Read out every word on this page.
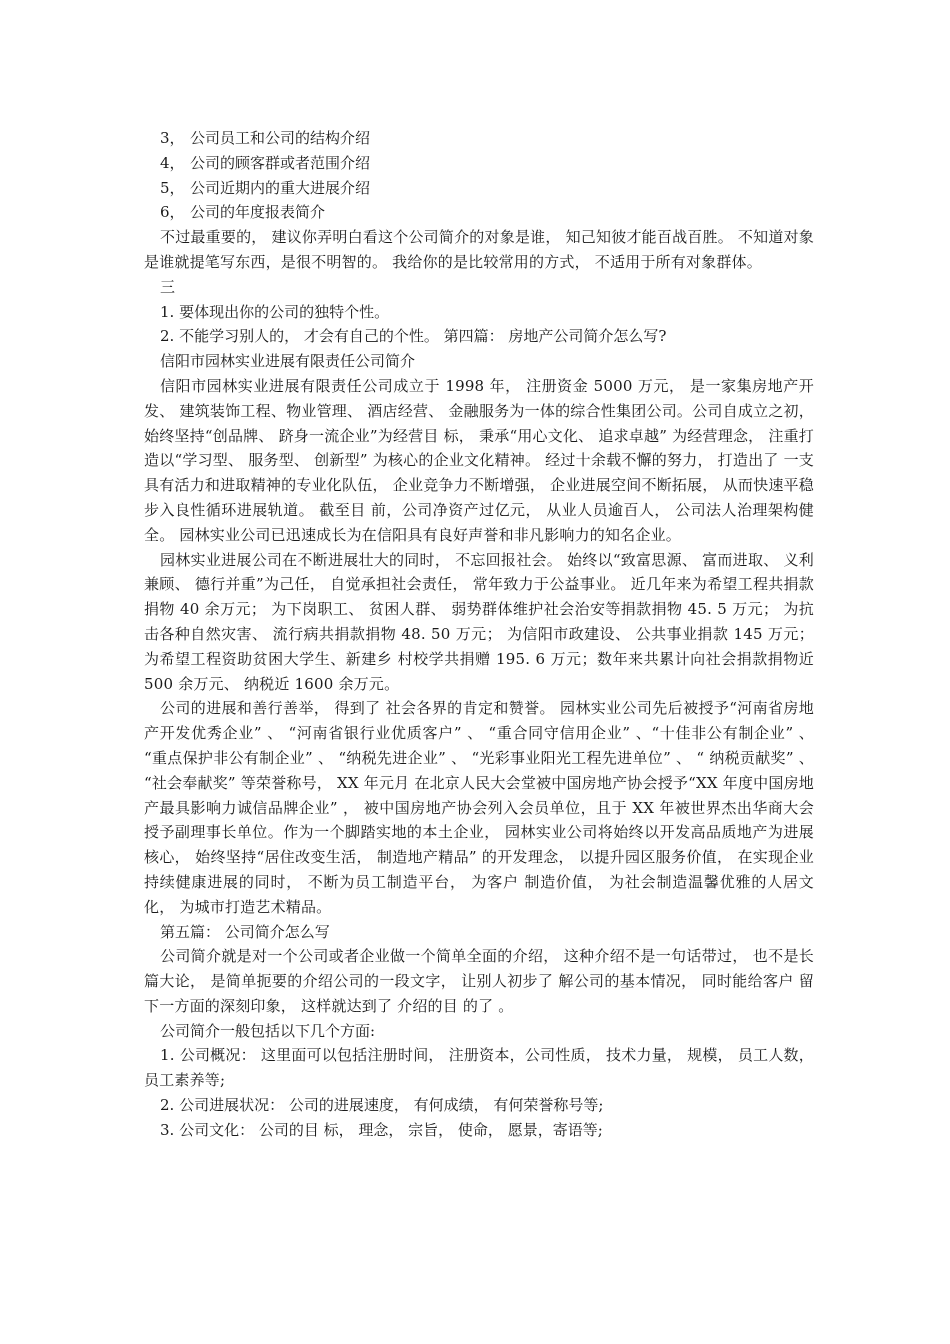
3， 公司员工和公司的结构介绍
4， 公司的顾客群或者范围介绍
5， 公司近期内的重大进展介绍
6， 公司的年度报表简介

不过最重要的， 建议你弄明白看这个公司简介的对象是谁， 知己知彼才能百战百胜。 不知道对象是谁就提笔写东西，是很不明智的。 我给你的是比较常用的方式， 不适用于所有对象群体。

三
1. 要体现出你的公司的独特个性。
2. 不能学习别人的， 才会有自己的个性。 第四篇： 房地产公司简介怎么写?
信阳市园林实业进展有限责任公司简介

信阳市园林实业进展有限责任公司成立于 1998 年， 注册资金 5000 万元， 是一家集房地产开发、 建筑装饰工程、物业管理、 酒店经营、 金融服务为一体的综合性集团公司。公司自成立之初， 始终坚持“创品牌、 跻身一流企业”为经营目 标， 秉承“用心文化、 追求卓越” 为经营理念， 注重打造以“学习型、 服务型、 创新型” 为核心的企业文化精神。 经过十余载不懈的努力， 打造出了 一支具有活力和进取精神的专业化队伍， 企业竞争力不断增强， 企业进展空间不断拓展， 从而快速平稳步入良性循环进展轨道。 截至目 前，公司净资产过亿元， 从业人员逾百人， 公司法人治理架构健全。 园林实业公司已迅速成长为在信阳具有良好声誉和非凡影响力的知名企业。

园林实业进展公司在不断进展壮大的同时， 不忘回报社会。 始终以“致富思源、 富而进取、 义利兼顾、 德行并重”为己任， 自觉承担社会责任， 常年致力于公益事业。 近几年来为希望工程共捐款捐物 40 余万元； 为下岗职工、 贫困人群、 弱势群体维护社会治安等捐款捐物 45. 5 万元； 为抗击各种自然灾害、 流行病共捐款捐物 48. 50 万元； 为信阳市政建设、 公共事业捐款 145 万元； 为希望工程资助贫困大学生、新建乡 村校学共捐赠 195. 6 万元；数年来共累计向社会捐款捐物近 500 余万元、 纳税近 1600 余万元。

公司的进展和善行善举， 得到了 社会各界的肯定和赞誉。 园林实业公司先后被授予“河南省房地产开发优秀企业” 、 “河南省银行业优质客户” 、 “重合同守信用企业” 、“十佳非公有制企业” 、 “重点保护非公有制企业” 、 “纳税先进企业” 、 “光彩事业阳光工程先进单位” 、 “ 纳税贡献奖” 、 “社会奉献奖” 等荣誉称号， XX 年元月 在北京人民大会堂被中国房地产协会授予“XX 年度中国房地产最具影响力诚信品牌企业” ， 被中国房地产协会列入会员单位，且于 XX 年被世界杰出华商大会授予副理事长单位。作为一个脚踏实地的本土企业， 园林实业公司将始终以开发高品质地产为进展核心， 始终坚持“居住改变生活， 制造地产精品” 的开发理念， 以提升园区服务价值， 在实现企业持续健康进展的同时， 不断为员工制造平台， 为客户 制造价值， 为社会制造温馨优雅的人居文化， 为城市打造艺术精品。

第五篇： 公司简介怎么写

公司简介就是对一个公司或者企业做一个简单全面的介绍， 这种介绍不是一句话带过， 也不是长篇大论， 是简单扼要的介绍公司的一段文字， 让别人初步了 解公司的基本情况， 同时能给客户 留下一方面的深刻印象， 这样就达到了 介绍的目 的了 。

公司简介一般包括以下几个方面:

1. 公司概况： 这里面可以包括注册时间， 注册资本，公司性质， 技术力量， 规模， 员工人数， 员工素养等;

2. 公司进展状况： 公司的进展速度， 有何成绩， 有何荣誉称号等;
3. 公司文化： 公司的目 标， 理念， 宗旨， 使命， 愿景，寄语等;
